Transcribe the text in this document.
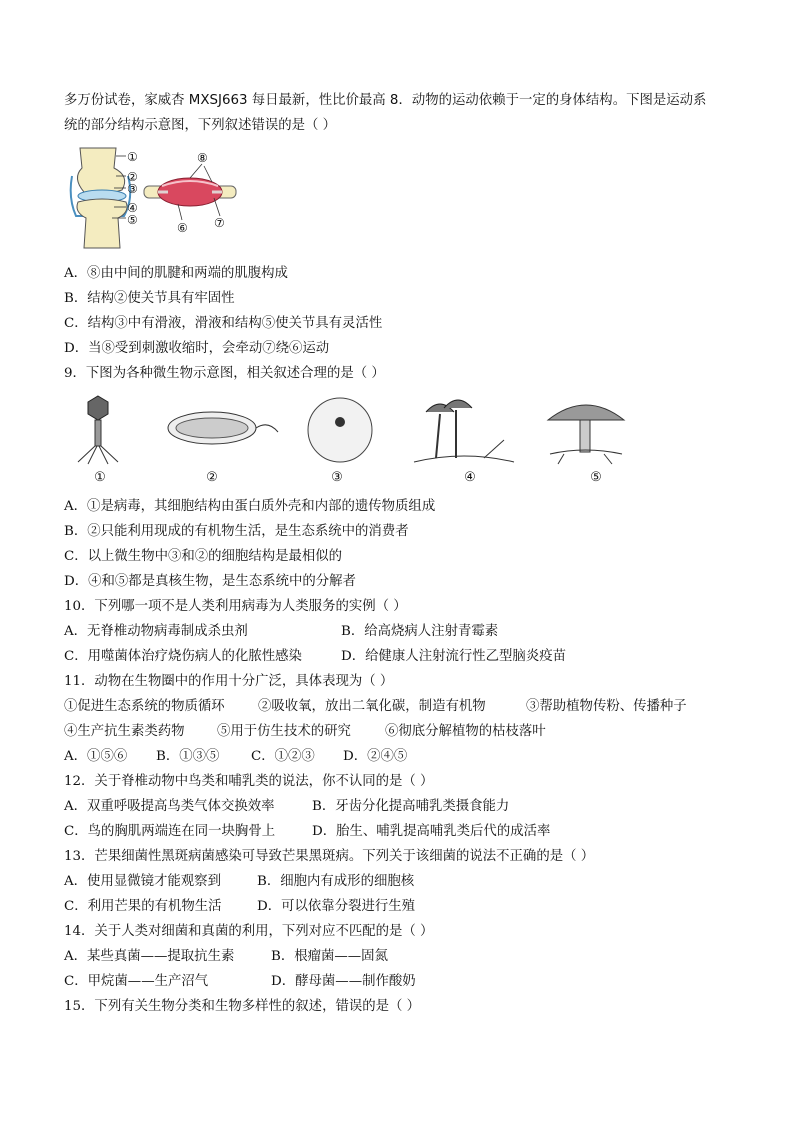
多万份试卷，家威杏 MXSJ663 每日最新，性比价最高 8．动物的运动依赖于一定的身体结构。下图是运动系
统的部分结构示意图，下列叙述错误的是（ ）
①
②
③
④
⑤
⑥ ⑦
⑧
A．⑧由中间的肌腱和两端的肌腹构成
B．结构②使关节具有牢固性
C．结构③中有滑液，滑液和结构⑤使关节具有灵活性
D．当⑧受到刺激收缩时，会牵动⑦绕⑥运动
9．下图为各种微生物示意图，相关叙述合理的是（ ）
①	②	③	④	⑤
A．①是病毒，其细胞结构由蛋白质外壳和内部的遗传物质组成
B．②只能利用现成的有机物生活，是生态系统中的消费者
C．以上微生物中③和②的细胞结构是最相似的
D．④和⑤都是真核生物，是生态系统中的分解者
10．下列哪一项不是人类利用病毒为人类服务的实例（ ）
A．无脊椎动物病毒制成杀虫剂	B．给高烧病人注射青霉素
C．用噬菌体治疗烧伤病人的化脓性感染	D．给健康人注射流行性乙型脑炎疫苗
11．动物在生物圈中的作用十分广泛，具体表现为（ ）
①促进生态系统的物质循环 ②吸收氧，放出二氧化碳，制造有机物	③帮助植物传粉、传播种子
④生产抗生素类药物 ⑤用于仿生技术的研究	⑥彻底分解植物的枯枝落叶
A．①⑤⑥ B．①③⑤ C．①②③ D．②④⑤
12．关于脊椎动物中鸟类和哺乳类的说法，你不认同的是（ ）
A．双重呼吸提高鸟类气体交换效率	B．牙齿分化提高哺乳类摄食能力
C．鸟的胸肌两端连在同一块胸骨上	D．胎生、哺乳提高哺乳类后代的成活率
13．芒果细菌性黑斑病菌感染可导致芒果黑斑病。下列关于该细菌的说法不正确的是（ ）
A．使用显微镜才能观察到	B．细胞内有成形的细胞核
C．利用芒果的有机物生活	D．可以依靠分裂进行生殖
14．关于人类对细菌和真菌的利用，下列对应不匹配的是（ ）
A．某些真菌——提取抗生素	B．根瘤菌——固氮
C．甲烷菌——生产沼气	D．酵母菌——制作酸奶
15．下列有关生物分类和生物多样性的叙述，错误的是（ ）
